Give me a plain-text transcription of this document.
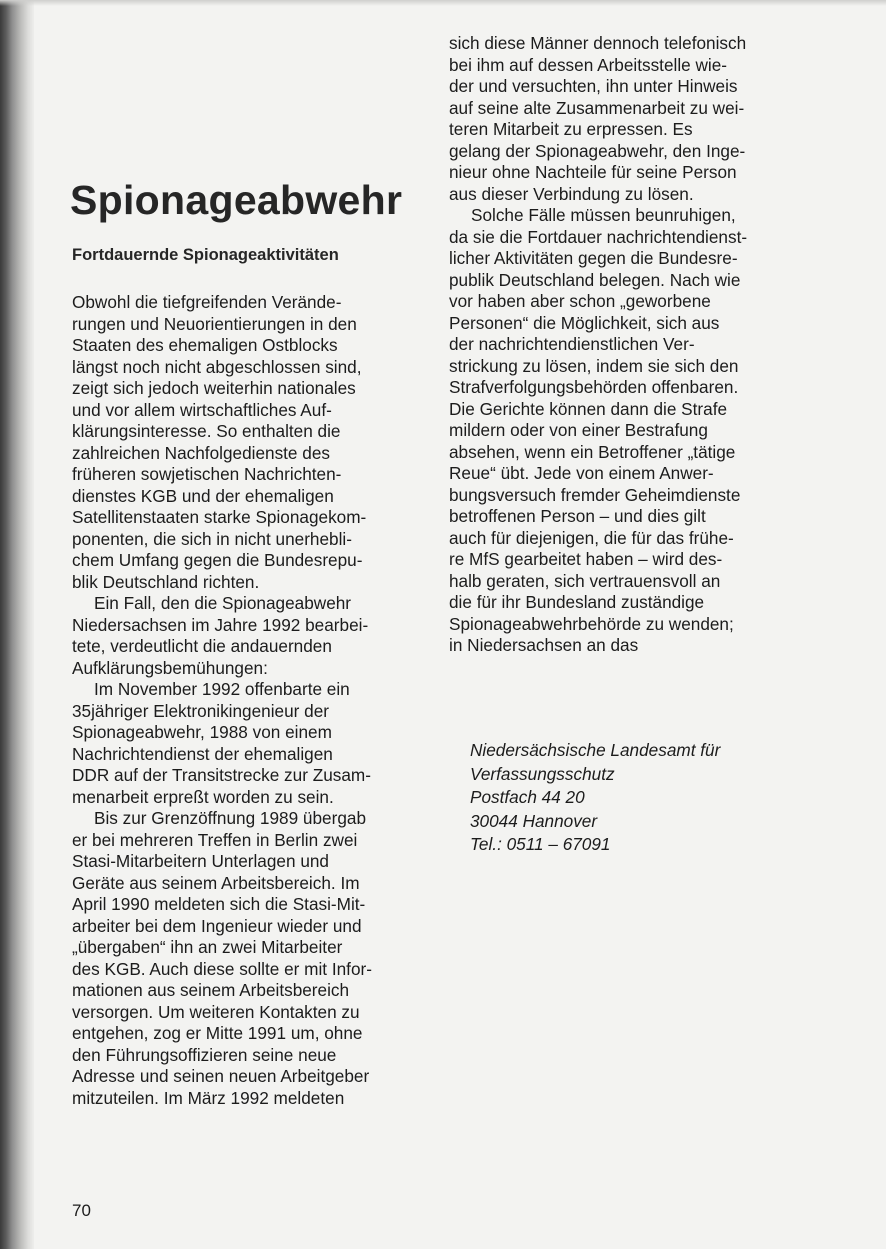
Spionageabwehr
Fortdauernde Spionageaktivitäten
Obwohl die tiefgreifenden Verände-
rungen und Neuorientierungen in den
Staaten des ehemaligen Ostblocks
längst noch nicht abgeschlossen sind,
zeigt sich jedoch weiterhin nationales
und vor allem wirtschaftliches Auf-
klärungsinteresse. So enthalten die
zahlreichen Nachfolgedienste des
früheren sowjetischen Nachrichten-
dienstes KGB und der ehemaligen
Satellitenstaaten starke Spionagekom-
ponenten, die sich in nicht unerhebli-
chem Umfang gegen die Bundesrepu-
blik Deutschland richten.
Ein Fall, den die Spionageabwehr
Niedersachsen im Jahre 1992 bearbei-
tete, verdeutlicht die andauernden
Aufklärungsbemühungen:
Im November 1992 offenbarte ein
35jähriger Elektronikingenieur der
Spionageabwehr, 1988 von einem
Nachrichtendienst der ehemaligen
DDR auf der Transitstrecke zur Zusam-
menarbeit erpreßt worden zu sein.
Bis zur Grenzöffnung 1989 übergab
er bei mehreren Treffen in Berlin zwei
Stasi-Mitarbeitern Unterlagen und
Geräte aus seinem Arbeitsbereich. Im
April 1990 meldeten sich die Stasi-Mit-
arbeiter bei dem Ingenieur wieder und
„übergaben“ ihn an zwei Mitarbeiter
des KGB. Auch diese sollte er mit Infor-
mationen aus seinem Arbeitsbereich
versorgen. Um weiteren Kontakten zu
entgehen, zog er Mitte 1991 um, ohne
den Führungsoffizieren seine neue
Adresse und seinen neuen Arbeitgeber
mitzuteilen. Im März 1992 meldeten
sich diese Männer dennoch telefonisch
bei ihm auf dessen Arbeitsstelle wie-
der und versuchten, ihn unter Hinweis
auf seine alte Zusammenarbeit zu wei-
teren Mitarbeit zu erpressen. Es
gelang der Spionageabwehr, den Inge-
nieur ohne Nachteile für seine Person
aus dieser Verbindung zu lösen.
Solche Fälle müssen beunruhigen,
da sie die Fortdauer nachrichtendienst-
licher Aktivitäten gegen die Bundesre-
publik Deutschland belegen. Nach wie
vor haben aber schon „geworbene
Personen“ die Möglichkeit, sich aus
der nachrichtendienstlichen Ver-
strickung zu lösen, indem sie sich den
Strafverfolgungsbehörden offenbaren.
Die Gerichte können dann die Strafe
mildern oder von einer Bestrafung
absehen, wenn ein Betroffener „tätige
Reue“ übt. Jede von einem Anwer-
bungsversuch fremder Geheimdienste
betroffenen Person – und dies gilt
auch für diejenigen, die für das frühe-
re MfS gearbeitet haben – wird des-
halb geraten, sich vertrauensvoll an
die für ihr Bundesland zuständige
Spionageabwehrbehörde zu wenden;
in Niedersachsen an das
Niedersächsische Landesamt für
Verfassungsschutz
Postfach 44 20
30044 Hannover
Tel.: 0511 – 67091
70
